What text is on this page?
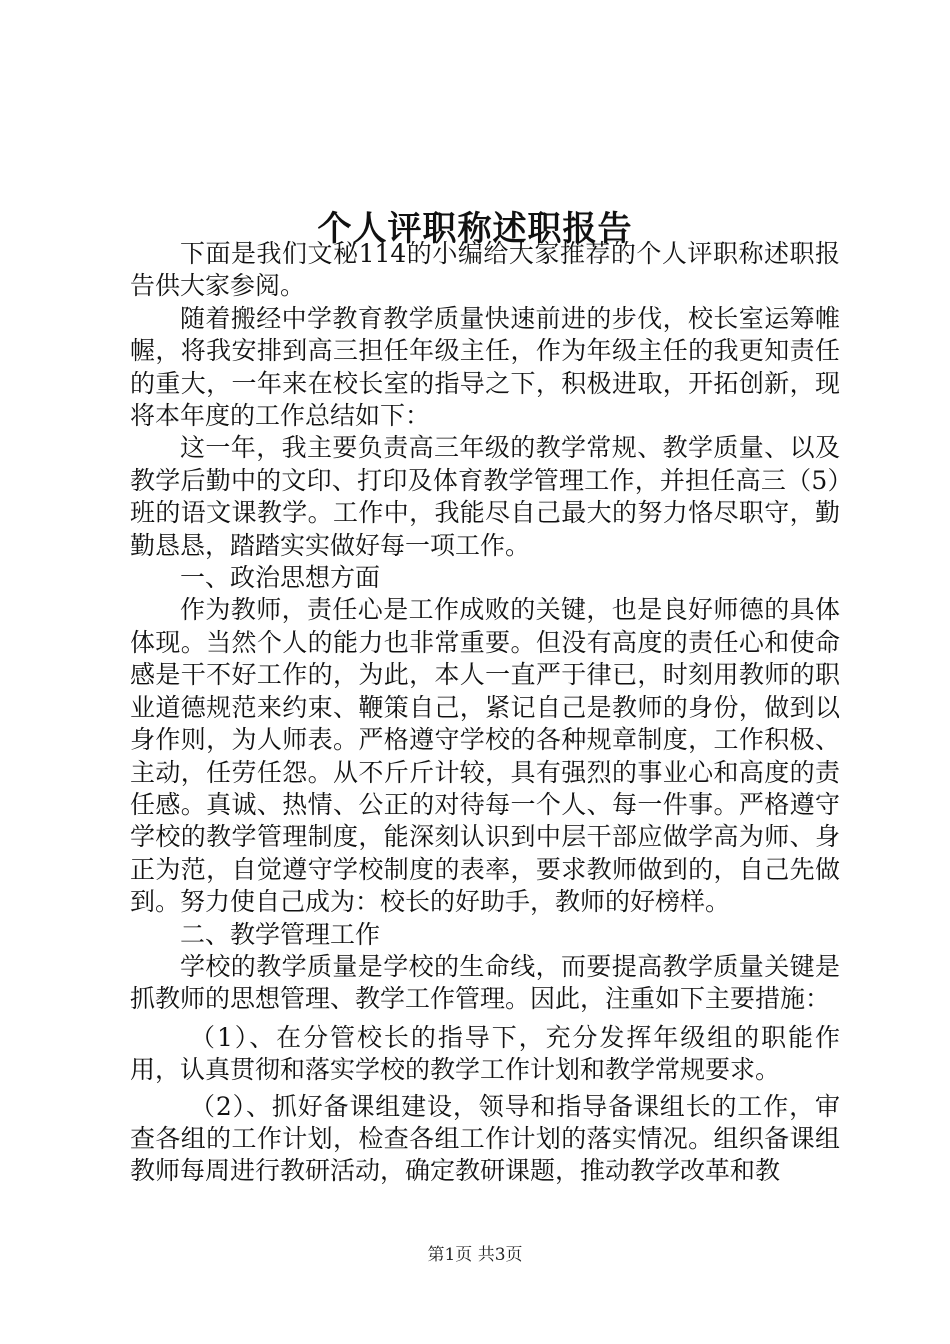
个人评职称述职报告

下面是我们文秘114的小编给大家推荐的个人评职称述职报告供大家参阅。

随着搬经中学教育教学质量快速前进的步伐，校长室运筹帷幄，将我安排到高三担任年级主任，作为年级主任的我更知责任的重大，一年来在校长室的指导之下，积极进取，开拓创新，现将本年度的工作总结如下：

这一年，我主要负责高三年级的教学常规、教学质量、以及教学后勤中的文印、打印及体育教学管理工作，并担任高三（5）班的语文课教学。工作中，我能尽自己最大的努力恪尽职守，勤勤恳恳，踏踏实实做好每一项工作。

一、政治思想方面

作为教师，责任心是工作成败的关键，也是良好师德的具体体现。当然个人的能力也非常重要。但没有高度的责任心和使命感是干不好工作的，为此，本人一直严于律已，时刻用教师的职业道德规范来约束、鞭策自己，紧记自己是教师的身份，做到以身作则，为人师表。严格遵守学校的各种规章制度，工作积极、主动，任劳任怨。从不斤斤计较，具有强烈的事业心和高度的责任感。真诚、热情、公正的对待每一个人、每一件事。严格遵守学校的教学管理制度，能深刻认识到中层干部应做学高为师、身正为范，自觉遵守学校制度的表率，要求教师做到的，自己先做到。努力使自己成为：校长的好助手，教师的好榜样。

二、教学管理工作

学校的教学质量是学校的生命线，而要提高教学质量关键是抓教师的思想管理、教学工作管理。因此，注重如下主要措施：

（1）、在分管校长的指导下，充分发挥年级组的职能作用，认真贯彻和落实学校的教学工作计划和教学常规要求。

（2）、抓好备课组建设，领导和指导备课组长的工作，审查各组的工作计划，检查各组工作计划的落实情况。组织备课组教师每周进行教研活动，确定教研课题，推动教学改革和教

第1页 共3页
